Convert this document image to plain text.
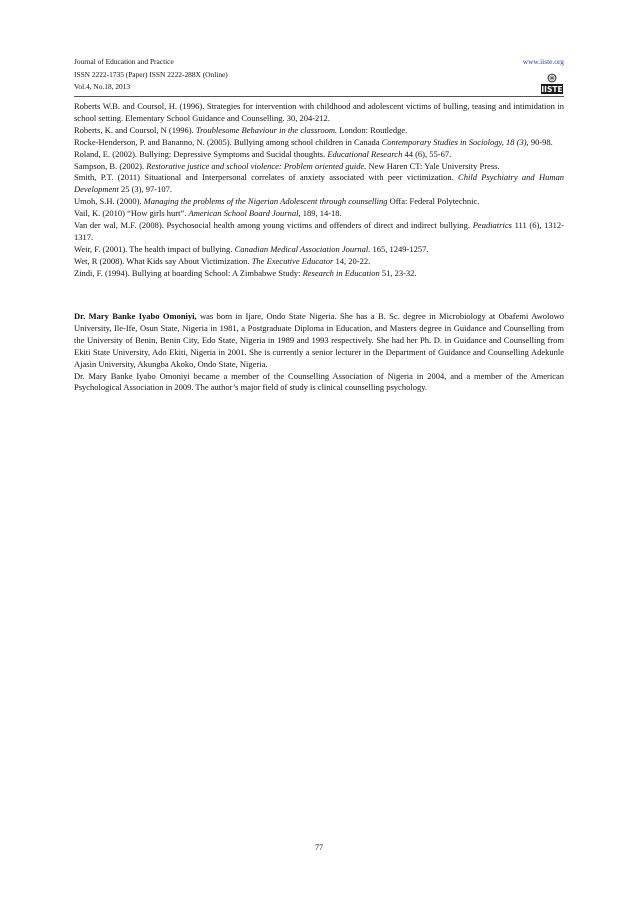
Journal of Education and Practice
ISSN 2222-1735 (Paper) ISSN 2222-288X (Online)
Vol.4, No.18, 2013
www.iiste.org
IISTE

Roberts W.B. and Coursol, H. (1996). Strategies for intervention with childhood and adolescent victims of bulling, teasing and intimidation in school setting. Elementary School Guidance and Counselling. 30, 204-212.

Roberts, K. and Coursol, N (1996). Troublesome Behaviour in the classroom. London: Routledge.

Rocke-Henderson, P. and Bananno, N. (2005). Bullying among school children in Canada Contemporary Studies in Sociology, 18 (3), 90-98.

Roland, E. (2002). Bullying: Depressive Symptoms and Sucidal thoughts. Educational Research 44 (6), 55-67.

Sampson, B. (2002). Restorative justice and school violence: Problem oriented guide. New Haren CT: Yale University Press.

Smith, P.T. (2011) Situational and Interpersonal correlates of anxiety associated with peer victimization. Child Psychiatry and Human Development 25 (3), 97-107.

Umoh, S.H. (2000). Managing the problems of the Nigerian Adolescent through counselling Offa: Federal Polytechnic.

Vail, K. (2010) “How girls hurt”. American School Board Journal, 189, 14-18.

Van der wal, M.F. (2008). Psychosocial health among young victims and offenders of direct and indirect bullying. Peadiatrics 111 (6), 1312-1317.

Weir, F. (2001). The health impact of bullying. Canadian Medical Association Journal. 165, 1249-1257.

Wet, R (2008). What Kids say About Victimization. The Executive Educator 14, 20-22.

Zindi, F. (1994). Bullying at boarding School: A Zimbabwe Study: Research in Education 51, 23-32.

Dr. Mary Banke Iyabo Omoniyi, was born in Ijare, Ondo State Nigeria. She has a B. Sc. degree in Microbiology at Obafemi Awolowo University, Ile-Ife, Osun State, Nigeria in 1981, a Postgraduate Diploma in Education, and Masters degree in Guidance and Counselling from the University of Benin, Benin City, Edo State, Nigeria in 1989 and 1993 respectively. She had her Ph. D. in Guidance and Counselling from Ekiti State University, Ado Ekiti, Nigeria in 2001. She is currently a senior lecturer in the Department of Guidance and Counselling Adekunle Ajasin University, Akungba Akoko, Ondo State, Nigeria.

Dr. Mary Banke Iyabo Omoniyi became a member of the Counselling Association of Nigeria in 2004, and a member of the American Psychological Association in 2009. The author’s major field of study is clinical counselling psychology.

77
